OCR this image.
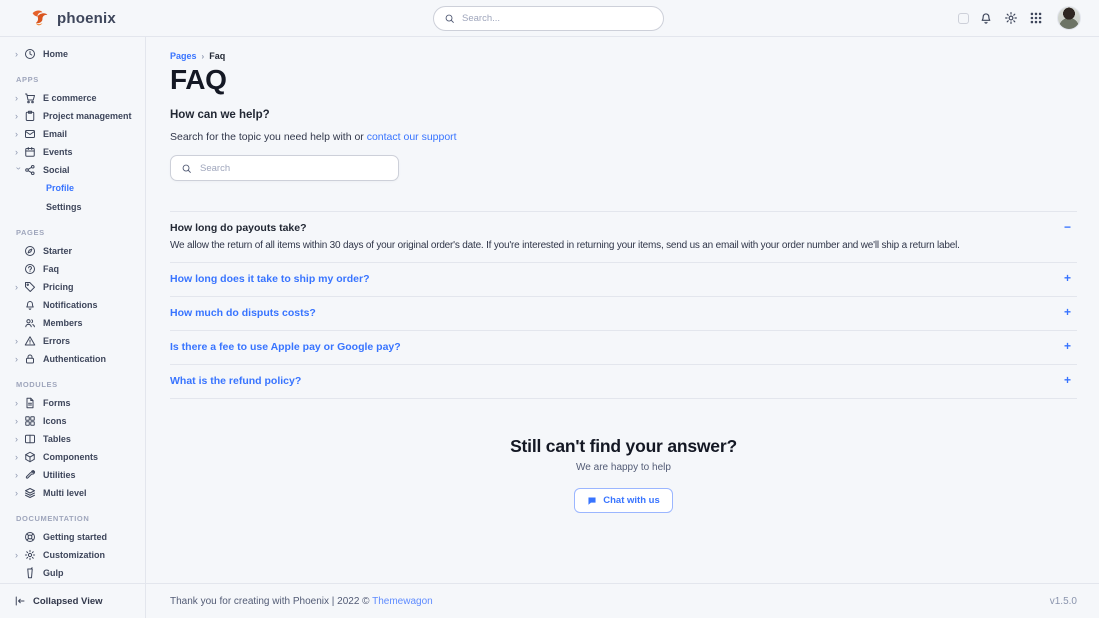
phoenix
Search...
›	Home
APPS
›	E commerce
›	Project management
›	Email
›	Events
› Social
Profile
Settings
PAGES
Starter
Faq
›	Pricing
Notifications
Members
›	Errors
›	Authentication
MODULES
›	Forms
›	Icons
›	Tables
›	Components
›	Utilities
›	Multi level
DOCUMENTATION
Getting started
›	Customization
Gulp
Collapsed View
Pages › Faq
FAQ
How can we help?
Search for the topic you need help with or contact our support
Search
How long do payouts take?
We allow the return of all items within 30 days of your original order's date. If you're interested in returning your items, send us an email with your order number and we'll ship a return label.
−
How long does it take to ship my order?	+
How much do disputs costs?	+
Is there a fee to use Apple pay or Google pay?	+
What is the refund policy?	+
Still can't find your answer?
We are happy to help
Chat with us
Thank you for creating with Phoenix | 2022 © Themewagon	v1.5.0
